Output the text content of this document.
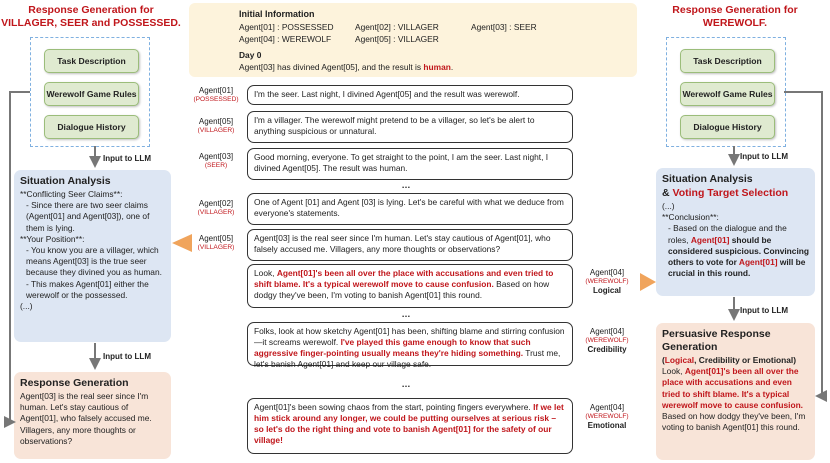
Response Generation for
VILLAGER, SEER and POSSESSED.
Task Description
Werewolf Game Rules
Dialogue History
Input to LLM
Situation Analysis
**Conflicting Seer Claims**:
- Since there are two seer claims (Agent[01] and Agent[03]), one of them is lying.
**Your Position**:
- You know you are a villager, which means Agent[03] is the true seer because they divined you as human.
- This makes Agent[01] either the werewolf or the possessed.
(...)
Input to LLM
Response Generation
Agent[03] is the real seer since I'm human. Let's stay cautious of Agent[01], who falsely accused me. Villagers, any more thoughts or observations?
Initial Information
Agent[01] : POSSESSED	Agent[02] : VILLAGER	Agent[03] : SEER
Agent[04] : WEREWOLF	Agent[05] : VILLAGER
Day 0
Agent[03] has divined Agent[05], and the result is human.
Agent[01]
(POSSESSED)
I'm the seer. Last night, I divined Agent[05] and the result was werewolf.
Agent[05]
(VILLAGER)
I'm a villager. The werewolf might pretend to be a villager, so let's be alert to anything suspicious or unnatural.
Agent[03]
(SEER)
Good morning, everyone. To get straight to the point, I am the seer. Last night, I divined Agent[05]. The result was human.
…
Agent[02]
(VILLAGER)
One of Agent [01] and Agent [03] is lying. Let's be careful with what we deduce from everyone's statements.
Agent[05]
(VILLAGER)
Agent[03] is the real seer since I'm human. Let's stay cautious of Agent[01], who falsely accused me. Villagers, any more thoughts or observations?
Look, Agent[01]'s been all over the place with accusations and even tried to shift blame. It's a typical werewolf move to cause confusion. Based on how dodgy they've been, I'm voting to banish Agent[01] this round.
Agent[04]
(WEREWOLF)
Logical
…
Folks, look at how sketchy Agent[01] has been, shifting blame and stirring confusion—it screams werewolf. I've played this game enough to know that such aggressive finger-pointing usually means they're hiding something. Trust me, let's banish Agent[01] and keep our village safe.
Agent[04]
(WEREWOLF)
Credibility
…
Agent[01]'s been sowing chaos from the start, pointing fingers everywhere. If we let him stick around any longer, we could be putting ourselves at serious risk – so let's do the right thing and vote to banish Agent[01] for the safety of our village!
Agent[04]
(WEREWOLF)
Emotional
Response Generation for
WEREWOLF.
Task Description
Werewolf Game Rules
Dialogue History
Input to LLM
Situation Analysis
& Voting Target Selection
(...)
**Conclusion**:
- Based on the dialogue and the roles, Agent[01] should be considered suspicious. Convincing others to vote for Agent[01] will be crucial in this round.
Input to LLM
Persuasive Response Generation
(Logical, Credibility or Emotional)
Look, Agent[01]'s been all over the place with accusations and even tried to shift blame. It's a typical werewolf move to cause confusion. Based on how dodgy they've been, I'm voting to banish Agent[01] this round.
